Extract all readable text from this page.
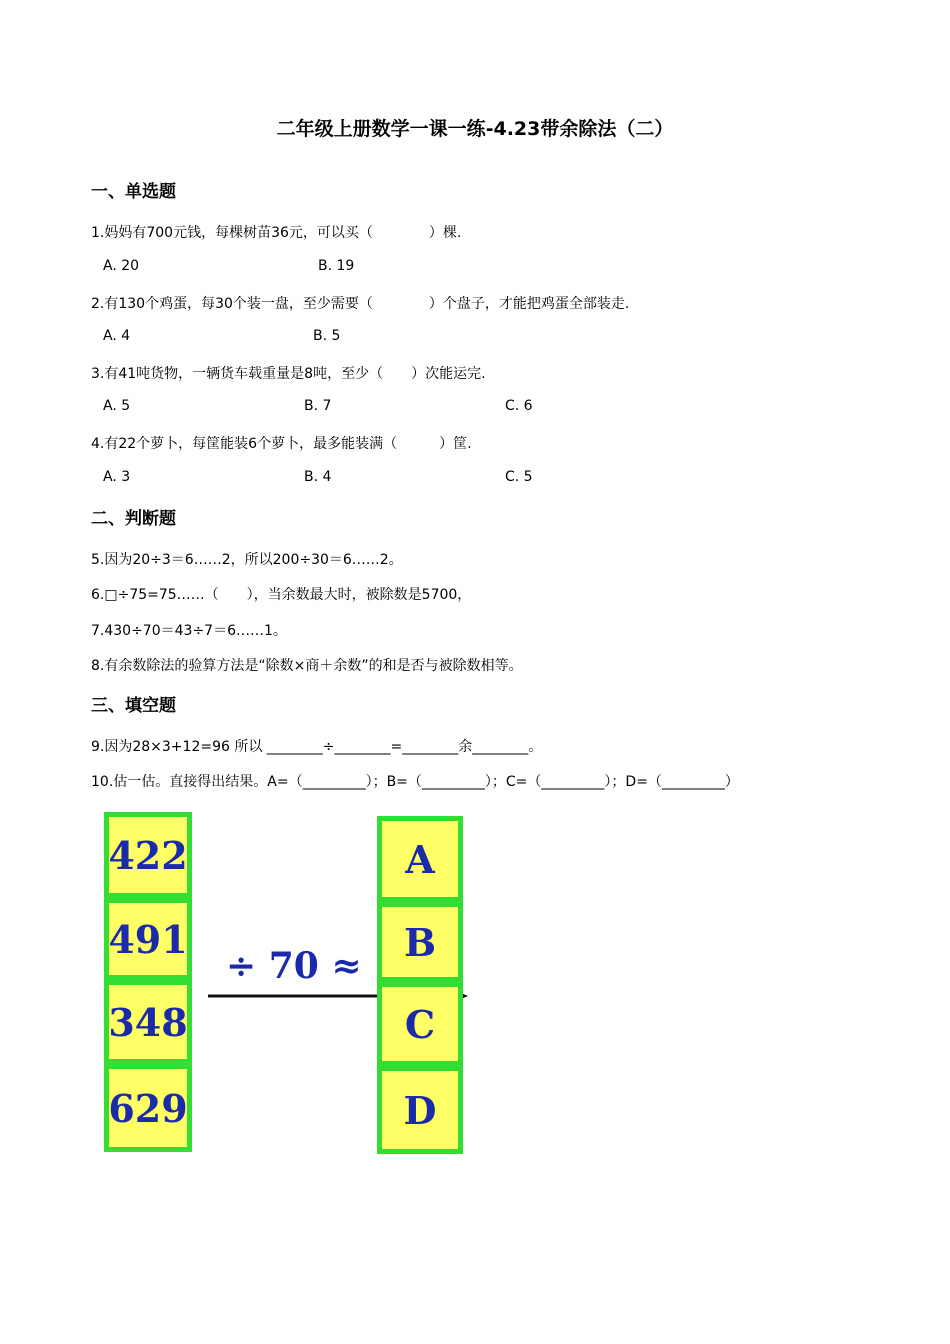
二年级上册数学一课一练-4.23带余除法（二）
一、单选题
1.妈妈有700元钱，每棵树苗36元，可以买（　　　　）棵.
A. 20	B. 19
2.有130个鸡蛋，每30个装一盘，至少需要（　　　　）个盘子，才能把鸡蛋全部装走.
A. 4	B. 5
3.有41吨货物，一辆货车载重量是8吨，至少（　　）次能运完.
A. 5	B. 7	C. 6
4.有22个萝卜，每筐能装6个萝卜，最多能装满（　　　）筐.
A. 3	B. 4	C. 5
二、判断题
5.因为20÷3＝6……2，所以200÷30＝6……2。
6.□÷75=75……（　　），当余数最大时，被除数是5700，
7.430÷70＝43÷7＝6……1。
8.有余数除法的验算方法是“除数×商＋余数”的和是否与被除数相等。
三、填空题
9.因为28×3+12=96 所以 ________÷________=________余________。
10.估一估。直接得出结果。A=（_________）；B=（_________）；C=（_________）；D=（_________）
422
491
348
629
÷ 70 ≈
A
B
C
D
